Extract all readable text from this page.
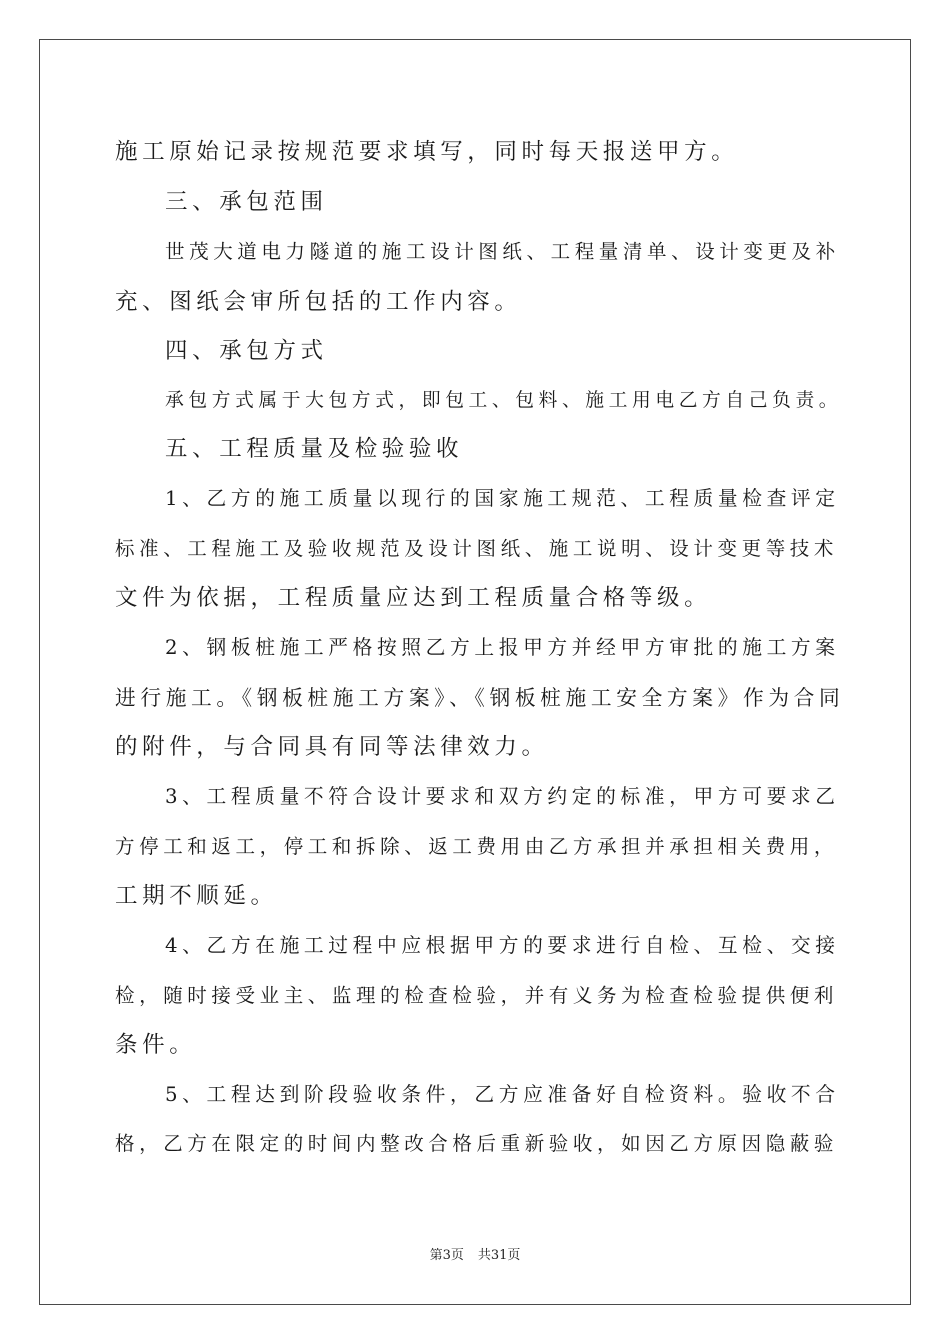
施工原始记录按规范要求填写，同时每天报送甲方。
三、承包范围
世茂大道电力隧道的施工设计图纸、工程量清单、设计变更及补
充、图纸会审所包括的工作内容。
四、承包方式
承包方式属于大包方式，即包工、包料、施工用电乙方自己负责。
五、工程质量及检验验收
1、乙方的施工质量以现行的国家施工规范、工程质量检查评定
标准、工程施工及验收规范及设计图纸、施工说明、设计变更等技术
文件为依据，工程质量应达到工程质量合格等级。
2、钢板桩施工严格按照乙方上报甲方并经甲方审批的施工方案
进行施工。《钢板桩施工方案》、《钢板桩施工安全方案》作为合同
的附件，与合同具有同等法律效力。
3、工程质量不符合设计要求和双方约定的标准，甲方可要求乙
方停工和返工，停工和拆除、返工费用由乙方承担并承担相关费用，
工期不顺延。
4、乙方在施工过程中应根据甲方的要求进行自检、互检、交接
检，随时接受业主、监理的检查检验，并有义务为检查检验提供便利
条件。
5、工程达到阶段验收条件，乙方应准备好自检资料。验收不合
格，乙方在限定的时间内整改合格后重新验收，如因乙方原因隐蔽验
第3页 共31页
